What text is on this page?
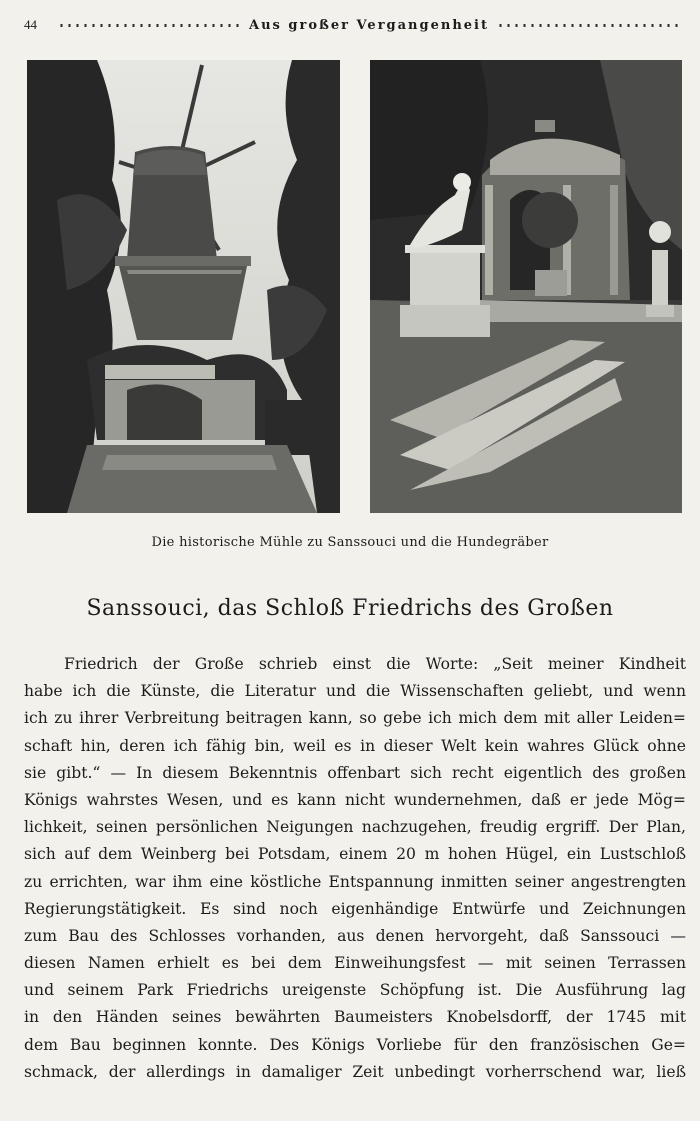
44	Aus großer Vergangenheit
Die historische Mühle zu Sanssouci und die Hundegräber
Sanssouci, das Schloß Friedrichs des Großen
Friedrich der Große schrieb einst die Worte: „Seit meiner Kindheit
habe ich die Künste, die Literatur und die Wissenschaften geliebt, und wenn
ich zu ihrer Verbreitung beitragen kann, so gebe ich mich dem mit aller Leiden=
schaft hin, deren ich fähig bin, weil es in dieser Welt kein wahres Glück ohne
sie gibt.“ — In diesem Bekenntnis offenbart sich recht eigentlich des großen
Königs wahrstes Wesen, und es kann nicht wundernehmen, daß er jede Mög=
lichkeit, seinen persönlichen Neigungen nachzugehen, freudig ergriff. Der Plan,
sich auf dem Weinberg bei Potsdam, einem 20 m hohen Hügel, ein Lustschloß
zu errichten, war ihm eine köstliche Entspannung inmitten seiner angestrengten
Regierungstätigkeit. Es sind noch eigenhändige Entwürfe und Zeichnungen
zum Bau des Schlosses vorhanden, aus denen hervorgeht, daß Sanssouci —
diesen Namen erhielt es bei dem Einweihungsfest — mit seinen Terrassen
und seinem Park Friedrichs ureigenste Schöpfung ist. Die Ausführung lag
in den Händen seines bewährten Baumeisters Knobelsdorff, der 1745 mit
dem Bau beginnen konnte. Des Königs Vorliebe für den französischen Ge=
schmack, der allerdings in damaliger Zeit unbedingt vorherrschend war, ließ
